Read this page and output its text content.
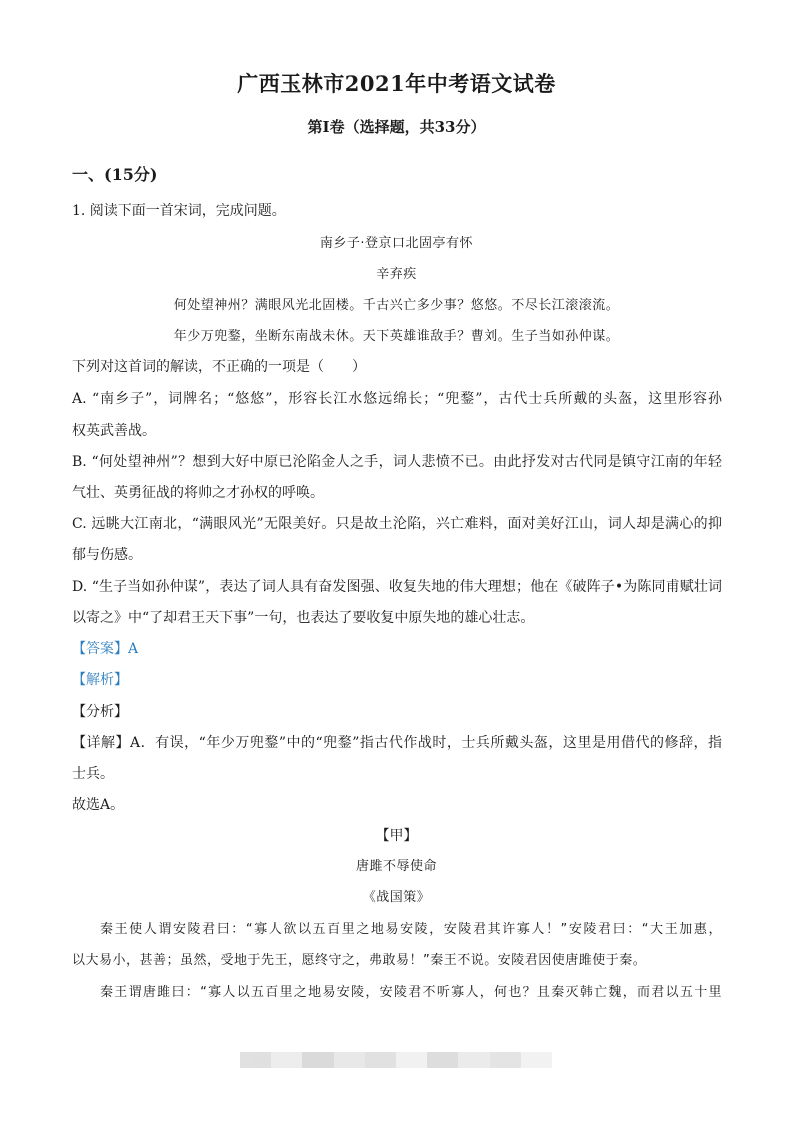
广西玉林市2021年中考语文试卷
第Ⅰ卷（选择题，共33分）
一、(15分)
1. 阅读下面一首宋词，完成问题。
南乡子·登京口北固亭有怀
辛弃疾
何处望神州？满眼风光北固楼。千古兴亡多少事？悠悠。不尽长江滚滚流。
年少万兜鍪，坐断东南战未休。天下英雄谁敌手？曹刘。生子当如孙仲谋。
下列对这首词的解读，不正确的一项是（　　）
A. “南乡子”，词牌名；“悠悠”，形容长江水悠远绵长；“兜鍪”，古代士兵所戴的头盔，这里形容孙
权英武善战。
B. “何处望神州”？想到大好中原已沦陷金人之手，词人悲愤不已。由此抒发对古代同是镇守江南的年轻
气壮、英勇征战的将帅之才孙权的呼唤。
C. 远眺大江南北，“满眼风光”无限美好。只是故土沦陷，兴亡难料，面对美好江山，词人却是满心的抑
郁与伤感。
D. “生子当如孙仲谋”，表达了词人具有奋发图强、收复失地的伟大理想；他在《破阵子•为陈同甫赋壮词
以寄之》中“了却君王天下事”一句，也表达了要收复中原失地的雄心壮志。
【答案】A
【解析】
【分析】
【详解】A．有误，“年少万兜鍪”中的“兜鍪”指古代作战时，士兵所戴头盔，这里是用借代的修辞，指
士兵。
故选A。
【甲】
唐雎不辱使命
《战国策》
秦王使人谓安陵君曰：“寡人欲以五百里之地易安陵，安陵君其许寡人！”安陵君曰：“大王加惠，
以大易小，甚善；虽然，受地于先王，愿终守之，弗敢易！”秦王不说。安陵君因使唐雎使于秦。
秦王谓唐雎曰：“寡人以五百里之地易安陵，安陵君不听寡人，何也？且秦灭韩亡魏，而君以五十里
